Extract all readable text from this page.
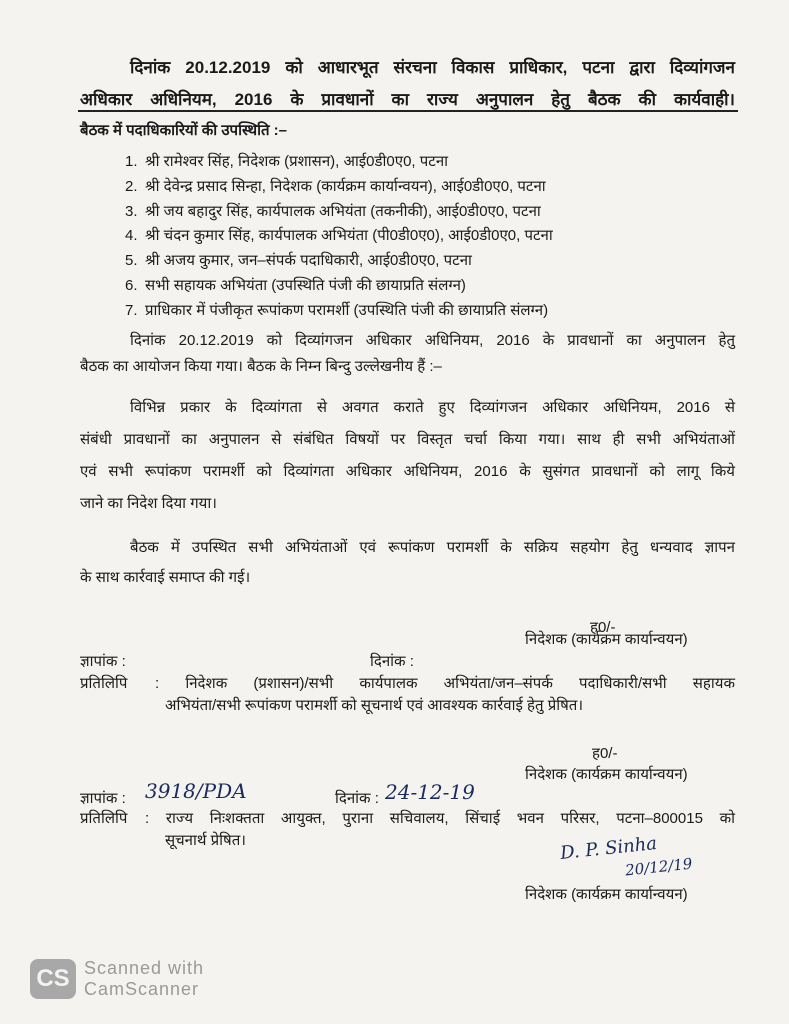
दिनांक 20.12.2019 को आधारभूत संरचना विकास प्राधिकार, पटना द्वारा दिव्यांगजन
अधिकार अधिनियम, 2016 के प्रावधानों का राज्य अनुपालन हेतु बैठक की कार्यवाही।
बैठक में पदाधिकारियों की उपस्थिति :–
1. श्री रामेश्वर सिंह, निदेशक (प्रशासन), आई0डी0ए0, पटना
2. श्री देवेन्द्र प्रसाद सिन्हा, निदेशक (कार्यक्रम कार्यान्वयन), आई0डी0ए0, पटना
3. श्री जय बहादुर सिंह, कार्यपालक अभियंता (तकनीकी), आई0डी0ए0, पटना
4. श्री चंदन कुमार सिंह, कार्यपालक अभियंता (पी0डी0ए0), आई0डी0ए0, पटना
5. श्री अजय कुमार, जन–संपर्क पदाधिकारी, आई0डी0ए0, पटना
6. सभी सहायक अभियंता (उपस्थिति पंजी की छायाप्रति संलग्न)
7. प्राधिकार में पंजीकृत रूपांकण परामर्शी (उपस्थिति पंजी की छायाप्रति संलग्न)
दिनांक 20.12.2019 को दिव्यांगजन अधिकार अधिनियम, 2016 के प्रावधानों का अनुपालन हेतु
बैठक का आयोजन किया गया। बैठक के निम्न बिन्दु उल्लेखनीय हैं :–
विभिन्न प्रकार के दिव्यांगता से अवगत कराते हुए दिव्यांगजन अधिकार अधिनियम, 2016 से
संबंधी प्रावधानों का अनुपालन से संबंधित विषयों पर विस्तृत चर्चा किया गया। साथ ही सभी अभियंताओं
एवं सभी रूपांकण परामर्शी को दिव्यांगता अधिकार अधिनियम, 2016 के सुसंगत प्रावधानों को लागू किये
जाने का निदेश दिया गया।
बैठक में उपस्थित सभी अभियंताओं एवं रूपांकण परामर्शी के सक्रिय सहयोग हेतु धन्यवाद ज्ञापन
के साथ कार्रवाई समाप्त की गई।
ह0/-
निदेशक (कार्यक्रम कार्यान्वयन)
ज्ञापांक :	दिनांक :
प्रतिलिपि : निदेशक (प्रशासन)/सभी कार्यपालक अभियंता/जन–संपर्क पदाधिकारी/सभी सहायक
अभियंता/सभी रूपांकण परामर्शी को सूचनार्थ एवं आवश्यक कार्रवाई हेतु प्रेषित।
ह0/-
निदेशक (कार्यक्रम कार्यान्वयन)
ज्ञापांक : 3918/PDA	दिनांक : 24-12-19
प्रतिलिपि : राज्य निःशक्तता आयुक्त, पुराना सचिवालय, सिंचाई भवन परिसर, पटना–800015 को
सूचनार्थ प्रेषित।	D. P. Sinha
20/12/19
निदेशक (कार्यक्रम कार्यान्वयन)
CS Scanned with
CamScanner
